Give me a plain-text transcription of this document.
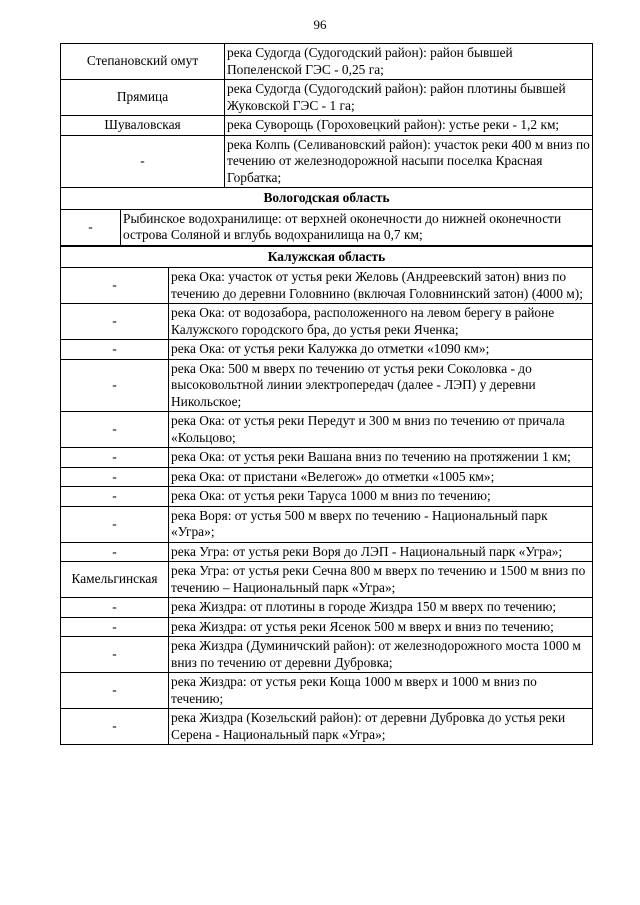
96
Степановский омут			река Судогда (Судогодский район): район бывшей Попеленской ГЭС - 0,25 га;
Прямица			река Судогда (Судогодский район): район плотины бывшей Жуковской ГЭС - 1 га;
Шуваловская			река Суворощь (Гороховецкий район): устье реки - 1,2 км;
-			река Колпь (Селивановский район): участок реки 400 м вниз по течению от железнодорожной насыпи поселка Красная Горбатка;
Вологодская область			
-	Рыбинское водохранилище: от верхней оконечности до нижней оконечности острова Соляной и вглубь водохранилища на 0,7 км;		
Калужская область			
-		река Ока: участок от устья реки Желовь (Андреевский затон) вниз по течению до деревни Головнино (включая Головнинский затон) (4000 м);	
-		река Ока: от водозабора, расположенного на левом берегу в районе Калужского городского бра, до устья реки Яченка;	
-		река Ока: от устья реки Калужка до отметки «1090 км»;	
-		река Ока: 500 м вверх по течению от устья реки Соколовка - до высоковольтной линии электропередач (далее - ЛЭП) у деревни Никольское;	
-		река Ока: от устья реки Передут и 300 м вниз по течению от причала «Кольцово;	
-		река Ока: от устья реки Вашана вниз по течению на протяжении 1 км;	
-		река Ока: от пристани «Велегож» до отметки «1005 км»;	
-		река Ока: от устья реки Таруса 1000 м вниз по течению;	
-		река Воря: от устья 500 м вверх по течению - Национальный парк «Угра»;	
-		река Угра: от устья реки Воря до ЛЭП - Национальный парк «Угра»;	
Камельгинская		река Угра: от устья реки Сечна 800 м вверх по течению и 1500 м вниз по течению – Национальный парк «Угра»;	
-		река Жиздра: от плотины в городе Жиздра 150 м вверх по течению;	
-		река Жиздра: от устья реки Ясенок 500 м вверх и вниз по течению;	
-		река Жиздра (Думиничский район): от железнодорожного моста 1000 м вниз по течению от деревни Дубровка;	
-		река Жиздра: от устья реки Коща 1000 м вверх и 1000 м вниз по течению;	
-		река Жиздра (Козельский район): от деревни Дубровка до устья реки Серена - Национальный парк «Угра»;	
